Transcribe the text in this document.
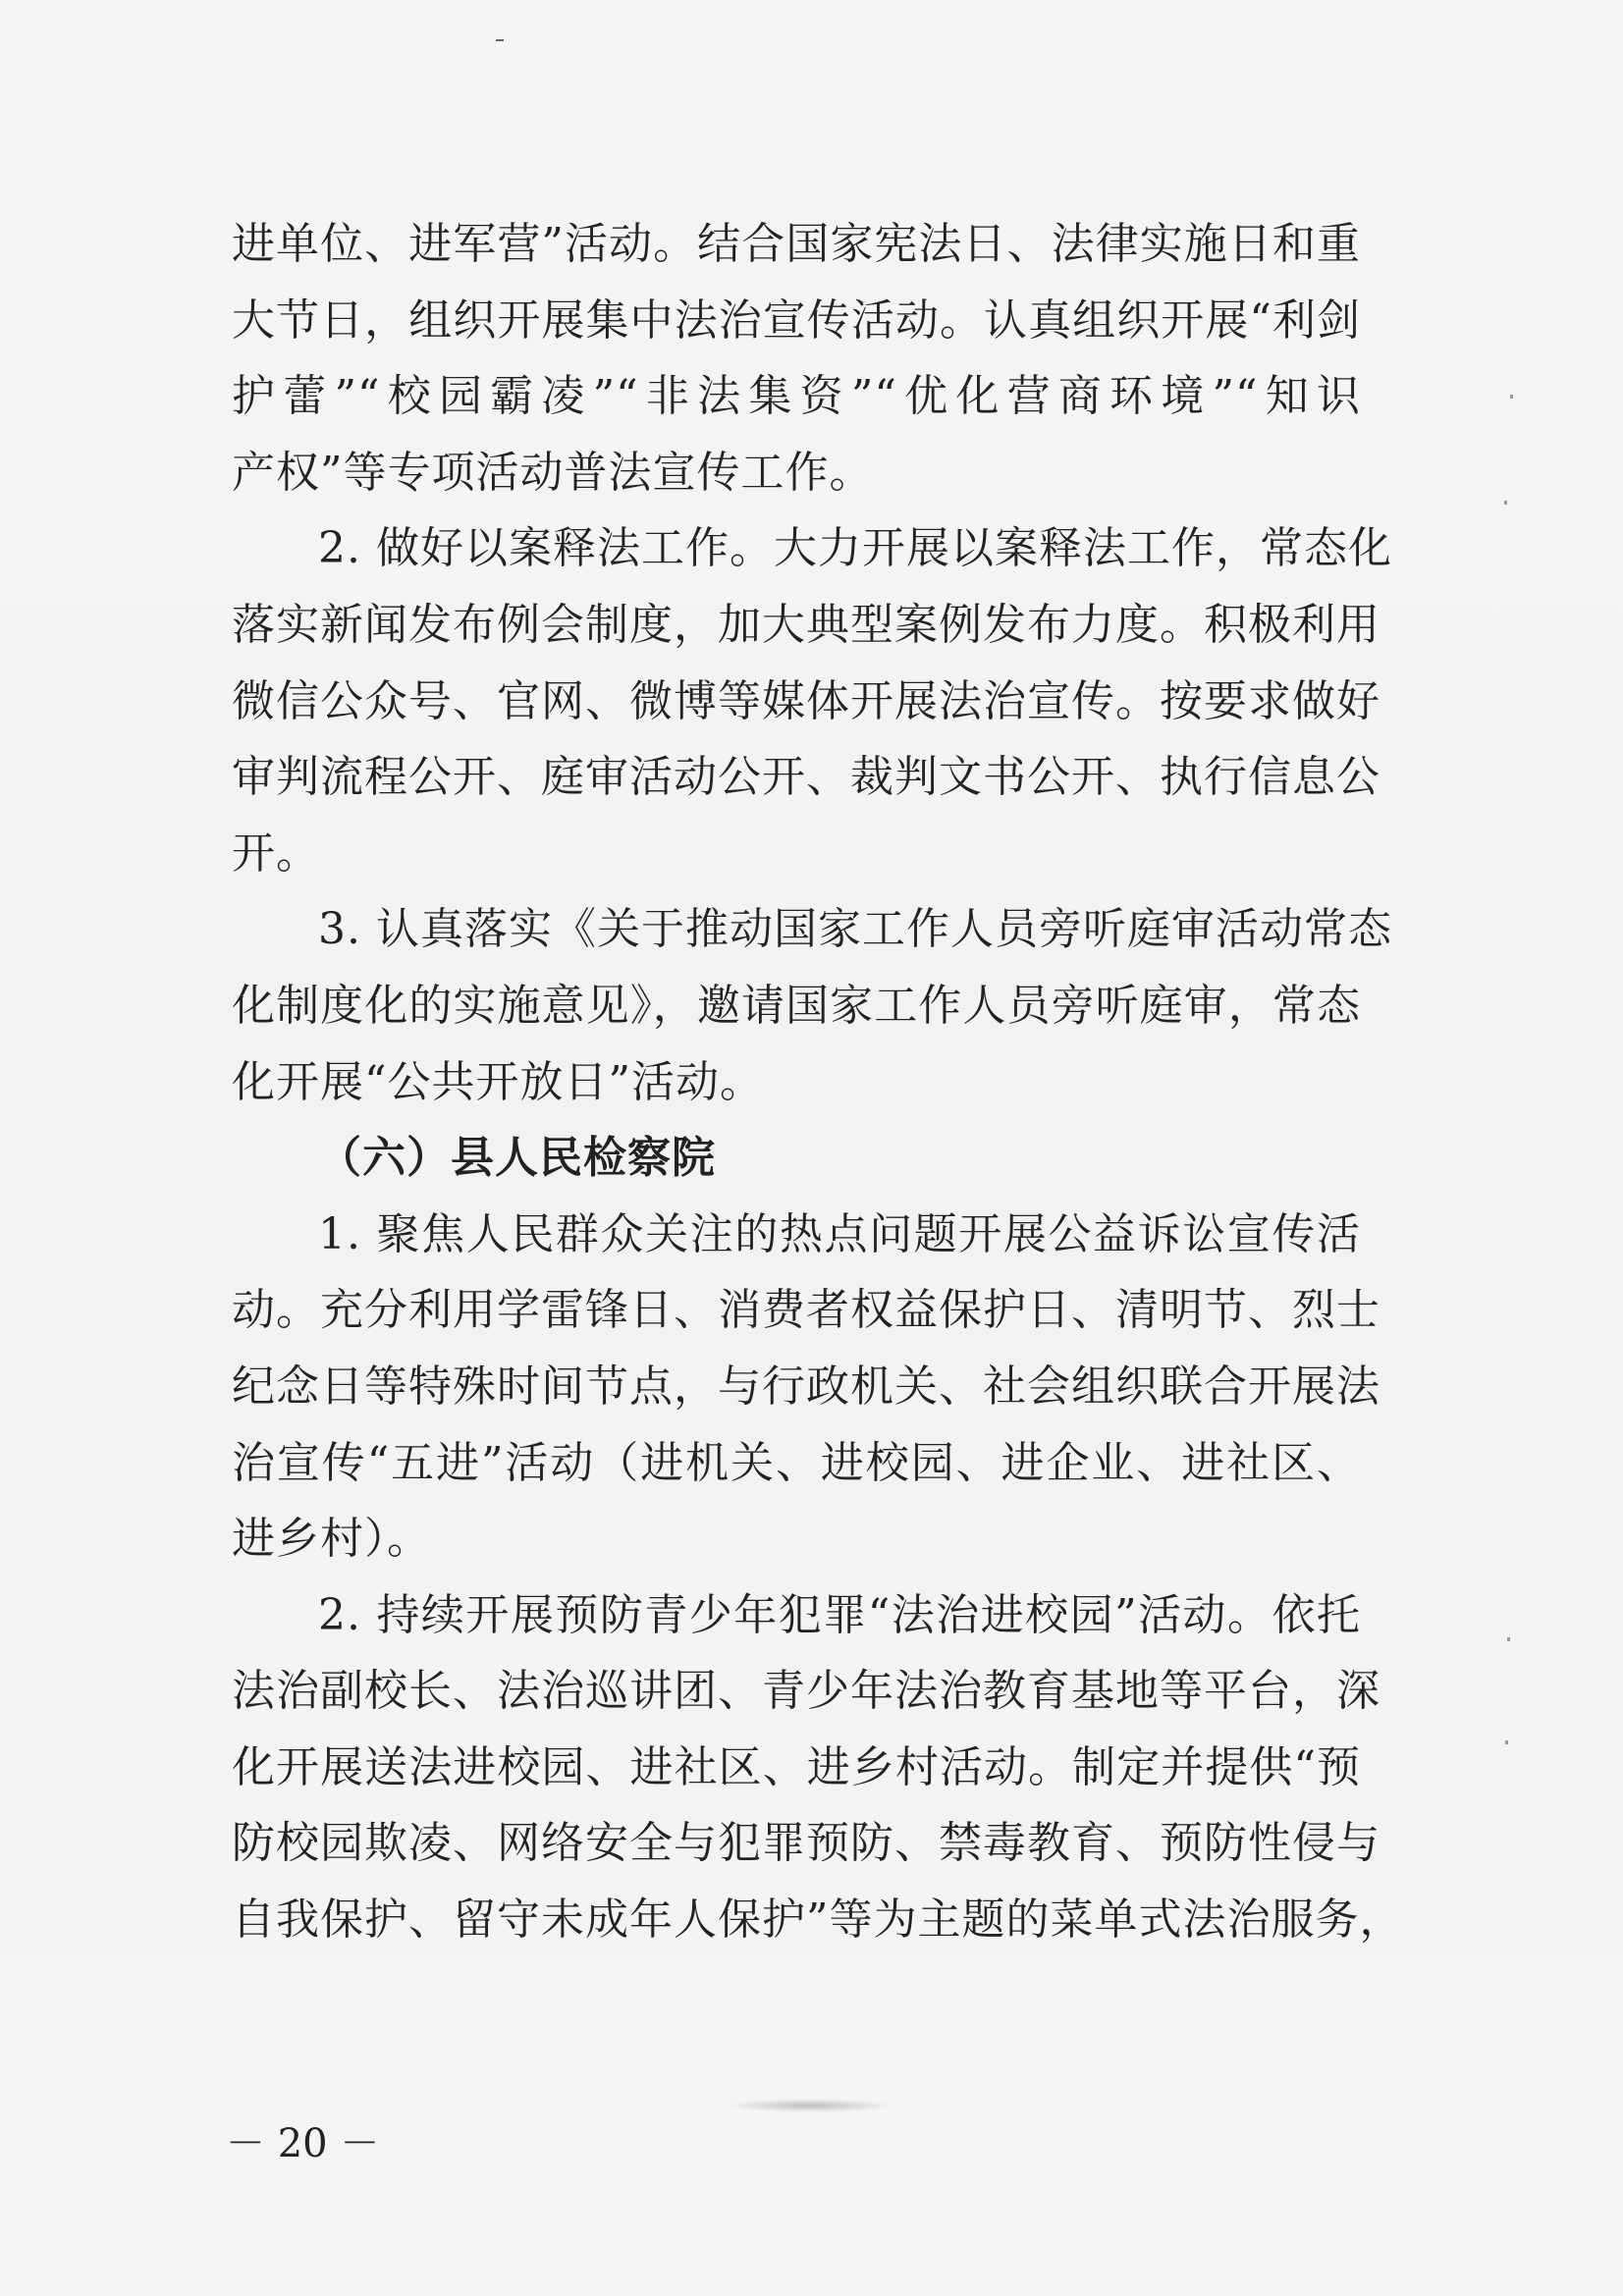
进单位、进军营”活动。结合国家宪法日、法律实施日和重
大节日，组织开展集中法治宣传活动。认真组织开展“利剑
护蕾”“校园霸凌”“非法集资”“优化营商环境”“知识
产权”等专项活动普法宣传工作。
2. 做好以案释法工作。大力开展以案释法工作，常态化
落实新闻发布例会制度，加大典型案例发布力度。积极利用
微信公众号、官网、微博等媒体开展法治宣传。按要求做好
审判流程公开、庭审活动公开、裁判文书公开、执行信息公
开。
3. 认真落实《关于推动国家工作人员旁听庭审活动常态
化制度化的实施意见》，邀请国家工作人员旁听庭审，常态
化开展“公共开放日”活动。
（六）县人民检察院
1. 聚焦人民群众关注的热点问题开展公益诉讼宣传活
动。充分利用学雷锋日、消费者权益保护日、清明节、烈士
纪念日等特殊时间节点，与行政机关、社会组织联合开展法
治宣传“五进”活动（进机关、进校园、进企业、进社区、
进乡村）。
2. 持续开展预防青少年犯罪“法治进校园”活动。依托
法治副校长、法治巡讲团、青少年法治教育基地等平台，深
化开展送法进校园、进社区、进乡村活动。制定并提供“预
防校园欺凌、网络安全与犯罪预防、禁毒教育、预防性侵与
自我保护、留守未成年人保护”等为主题的菜单式法治服务，
－ 20 －
